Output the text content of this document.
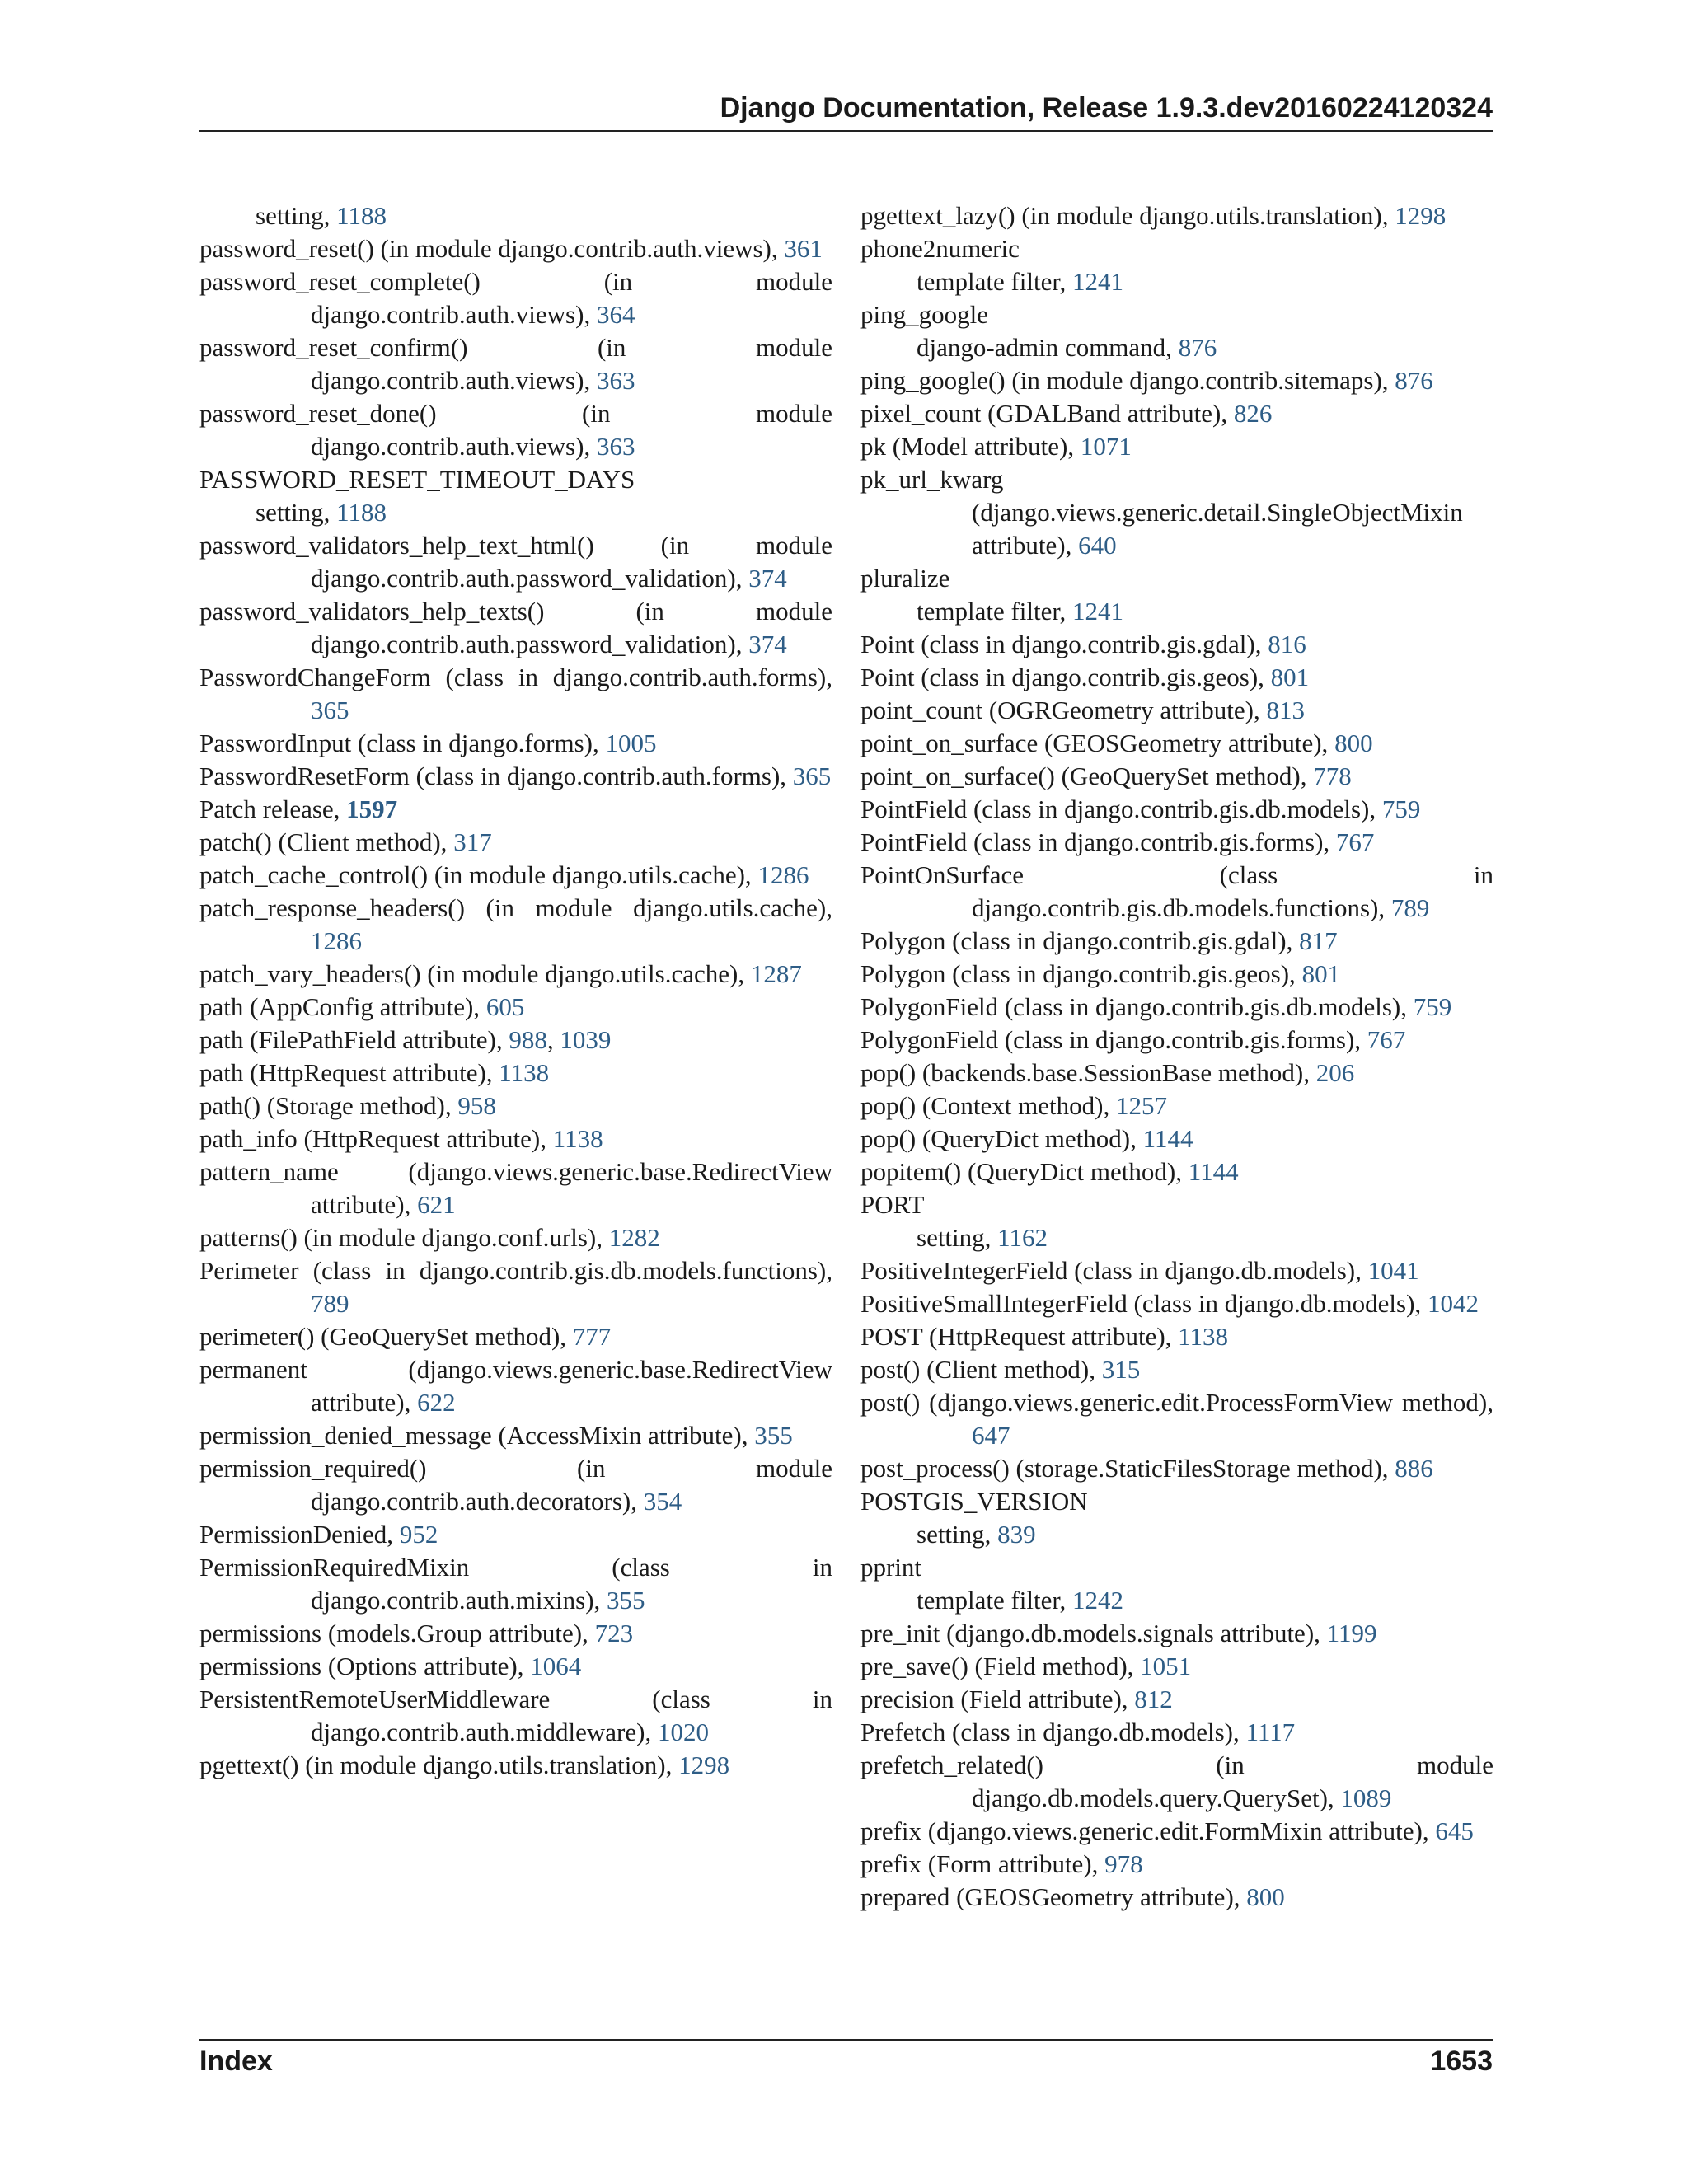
Django Documentation, Release 1.9.3.dev20160224120324

setting, 1188

password_reset() (in module django.contrib.auth.views), 361

password_reset_complete() (in module django.contrib.auth.views), 364

password_reset_confirm() (in module django.contrib.auth.views), 363

password_reset_done() (in module django.contrib.auth.views), 363

PASSWORD_RESET_TIMEOUT_DAYS

setting, 1188

password_validators_help_text_html() (in module django.contrib.auth.password_validation), 374

password_validators_help_texts() (in module django.contrib.auth.password_validation), 374

PasswordChangeForm (class in django.contrib.auth.forms), 365

PasswordInput (class in django.forms), 1005

PasswordResetForm (class in django.contrib.auth.forms), 365

Patch release, 1597

patch() (Client method), 317

patch_cache_control() (in module django.utils.cache), 1286

patch_response_headers() (in module django.utils.cache), 1286

patch_vary_headers() (in module django.utils.cache), 1287

path (AppConfig attribute), 605

path (FilePathField attribute), 988, 1039

path (HttpRequest attribute), 1138

path() (Storage method), 958

path_info (HttpRequest attribute), 1138

pattern_name (django.views.generic.base.RedirectView attribute), 621

patterns() (in module django.conf.urls), 1282

Perimeter (class in django.contrib.gis.db.models.functions), 789

perimeter() (GeoQuerySet method), 777

permanent (django.views.generic.base.RedirectView attribute), 622

permission_denied_message (AccessMixin attribute), 355

permission_required() (in module django.contrib.auth.decorators), 354

PermissionDenied, 952

PermissionRequiredMixin (class in django.contrib.auth.mixins), 355

permissions (models.Group attribute), 723

permissions (Options attribute), 1064

PersistentRemoteUserMiddleware (class in django.contrib.auth.middleware), 1020

pgettext() (in module django.utils.translation), 1298

pgettext_lazy() (in module django.utils.translation), 1298

phone2numeric

template filter, 1241

ping_google

django-admin command, 876

ping_google() (in module django.contrib.sitemaps), 876

pixel_count (GDALBand attribute), 826

pk (Model attribute), 1071

pk_url_kwarg (django.views.generic.detail.SingleObjectMixin attribute), 640

pluralize

template filter, 1241

Point (class in django.contrib.gis.gdal), 816

Point (class in django.contrib.gis.geos), 801

point_count (OGRGeometry attribute), 813

point_on_surface (GEOSGeometry attribute), 800

point_on_surface() (GeoQuerySet method), 778

PointField (class in django.contrib.gis.db.models), 759

PointField (class in django.contrib.gis.forms), 767

PointOnSurface (class in django.contrib.gis.db.models.functions), 789

Polygon (class in django.contrib.gis.gdal), 817

Polygon (class in django.contrib.gis.geos), 801

PolygonField (class in django.contrib.gis.db.models), 759

PolygonField (class in django.contrib.gis.forms), 767

pop() (backends.base.SessionBase method), 206

pop() (Context method), 1257

pop() (QueryDict method), 1144

popitem() (QueryDict method), 1144

PORT

setting, 1162

PositiveIntegerField (class in django.db.models), 1041

PositiveSmallIntegerField (class in django.db.models), 1042

POST (HttpRequest attribute), 1138

post() (Client method), 315

post() (django.views.generic.edit.ProcessFormView method), 647

post_process() (storage.StaticFilesStorage method), 886

POSTGIS_VERSION

setting, 839

pprint

template filter, 1242

pre_init (django.db.models.signals attribute), 1199

pre_save() (Field method), 1051

precision (Field attribute), 812

Prefetch (class in django.db.models), 1117

prefetch_related() (in module django.db.models.query.QuerySet), 1089

prefix (django.views.generic.edit.FormMixin attribute), 645

prefix (Form attribute), 978

prepared (GEOSGeometry attribute), 800

Index	1653
